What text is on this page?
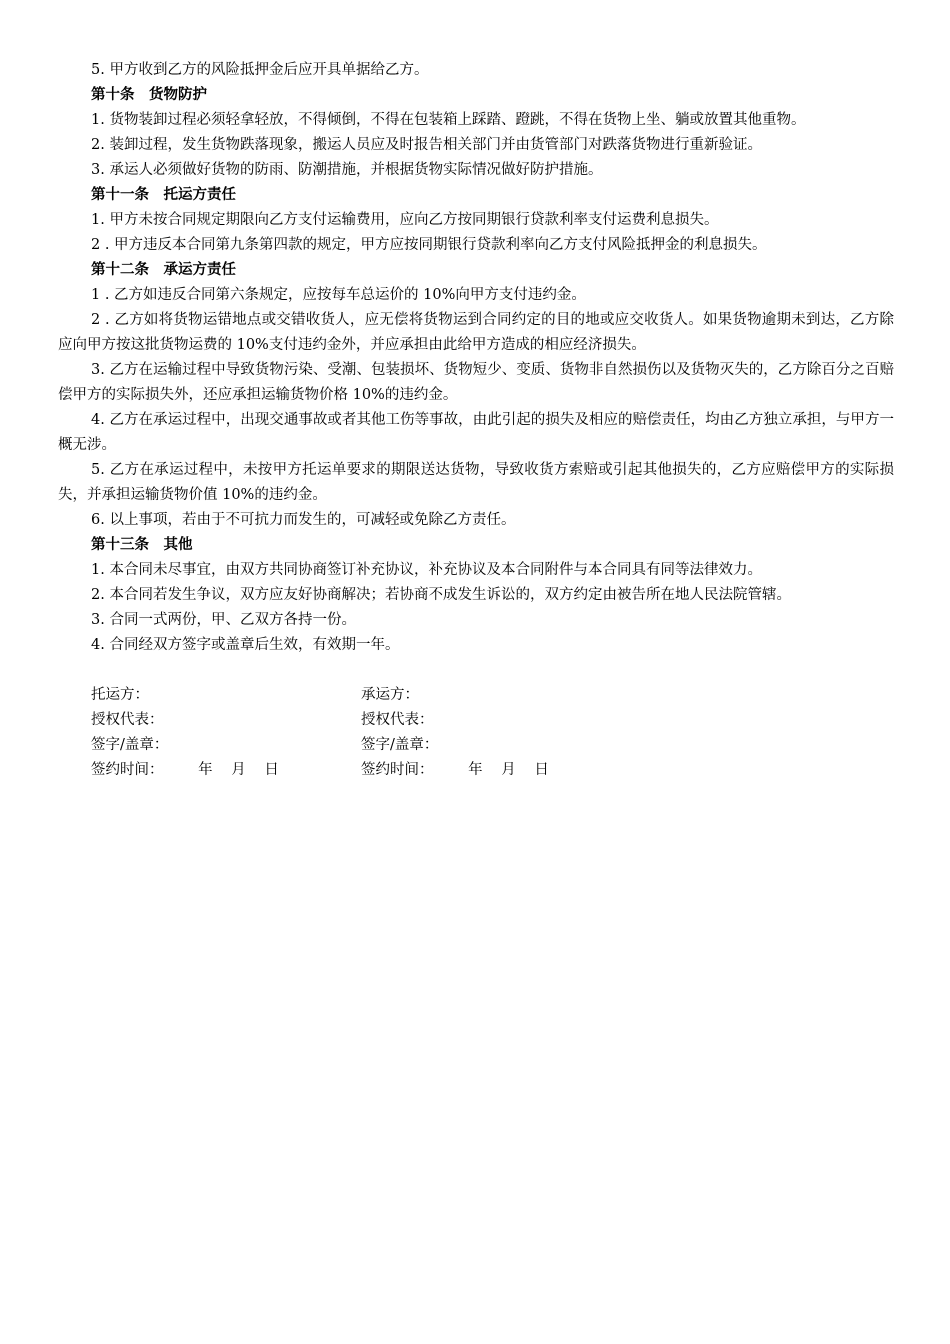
5. 甲方收到乙方的风险抵押金后应开具单据给乙方。

第十条　货物防护

1. 货物装卸过程必须轻拿轻放，不得倾倒，不得在包装箱上踩踏、蹬跳，不得在货物上坐、躺或放置其他重物。

2. 装卸过程，发生货物跌落现象，搬运人员应及时报告相关部门并由货管部门对跌落货物进行重新验证。

3. 承运人必须做好货物的防雨、防潮措施，并根据货物实际情况做好防护措施。

第十一条　托运方责任

1. 甲方未按合同规定期限向乙方支付运输费用，应向乙方按同期银行贷款利率支付运费利息损失。

2 . 甲方违反本合同第九条第四款的规定，甲方应按同期银行贷款利率向乙方支付风险抵押金的利息损失。

第十二条　承运方责任

1 . 乙方如违反合同第六条规定，应按每车总运价的 10%向甲方支付违约金。

2 . 乙方如将货物运错地点或交错收货人，应无偿将货物运到合同约定的目的地或应交收货人。如果货物逾期未到达，乙方除应向甲方按这批货物运费的 10%支付违约金外，并应承担由此给甲方造成的相应经济损失。

3. 乙方在运输过程中导致货物污染、受潮、包装损坏、货物短少、变质、货物非自然损伤以及货物灭失的，乙方除百分之百赔偿甲方的实际损失外，还应承担运输货物价格 10%的违约金。

4. 乙方在承运过程中，出现交通事故或者其他工伤等事故，由此引起的损失及相应的赔偿责任，均由乙方独立承担，与甲方一概无涉。

5. 乙方在承运过程中，未按甲方托运单要求的期限送达货物，导致收货方索赔或引起其他损失的，乙方应赔偿甲方的实际损失，并承担运输货物价值 10%的违约金。

6. 以上事项，若由于不可抗力而发生的，可减轻或免除乙方责任。

第十三条　其他

1. 本合同未尽事宜，由双方共同协商签订补充协议，补充协议及本合同附件与本合同具有同等法律效力。

2. 本合同若发生争议，双方应友好协商解决；若协商不成发生诉讼的，双方约定由被告所在地人民法院管辖。

3. 合同一式两份，甲、乙双方各持一份。

4. 合同经双方签字或盖章后生效，有效期一年。

托运方：	承运方：
授权代表：	授权代表：
签字/盖章：	签字/盖章：
签约时间： 年 月 日	签约时间： 年 月 日
